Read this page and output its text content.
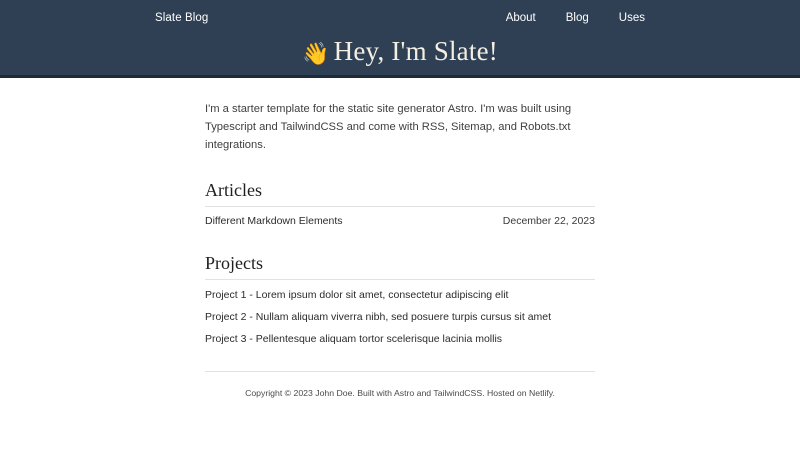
Slate Blog	About	Blog	Uses
👋 Hey, I'm Slate!

I'm a starter template for the static site generator Astro. I'm was built using Typescript and TailwindCSS and come with RSS, Sitemap, and Robots.txt integrations.

Articles
Different Markdown Elements	December 22, 2023
Projects
Project 1 - Lorem ipsum dolor sit amet, consectetur adipiscing elit
Project 2 - Nullam aliquam viverra nibh, sed posuere turpis cursus sit amet
Project 3 - Pellentesque aliquam tortor scelerisque lacinia mollis
Copyright © 2023 John Doe. Built with Astro and TailwindCSS. Hosted on Netlify.
